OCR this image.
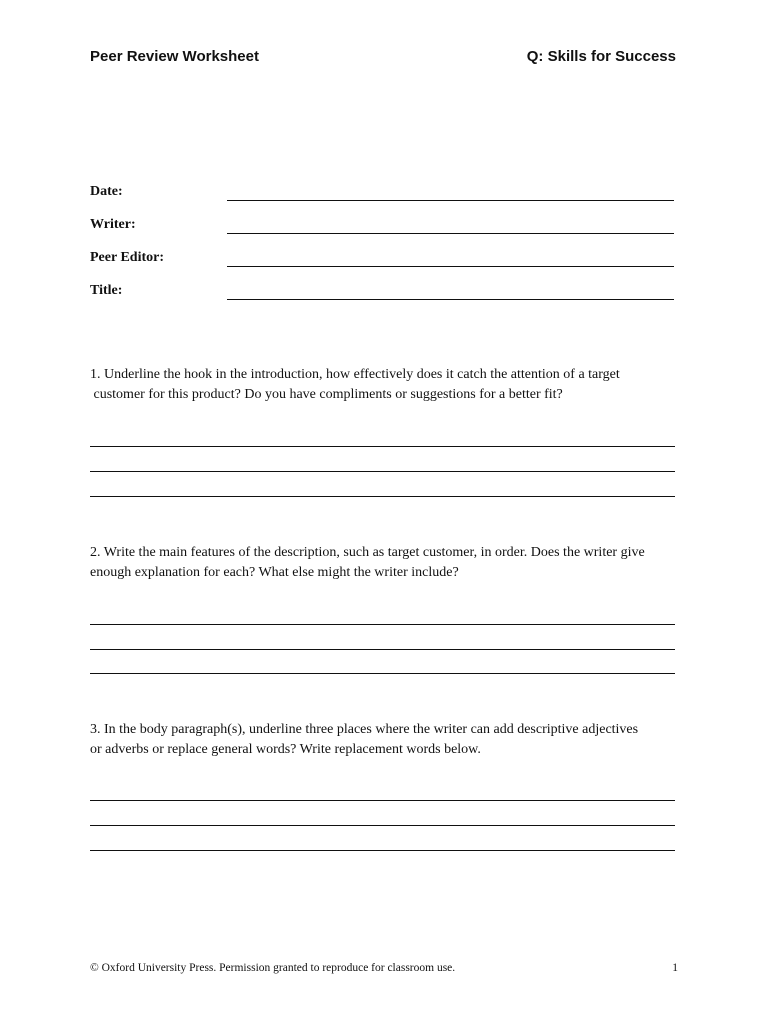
Peer Review Worksheet	Q: Skills for Success
Date:
Writer:
Peer Editor:
Title:
1. Underline the hook in the introduction, how effectively does it catch the attention of a target
customer for this product? Do you have compliments or suggestions for a better fit?
2. Write the main features of the description, such as target customer, in order. Does the writer give
enough explanation for each? What else might the writer include?
3. In the body paragraph(s), underline three places where the writer can add descriptive adjectives
or adverbs or replace general words? Write replacement words below.
© Oxford University Press. Permission granted to reproduce for classroom use.	1
